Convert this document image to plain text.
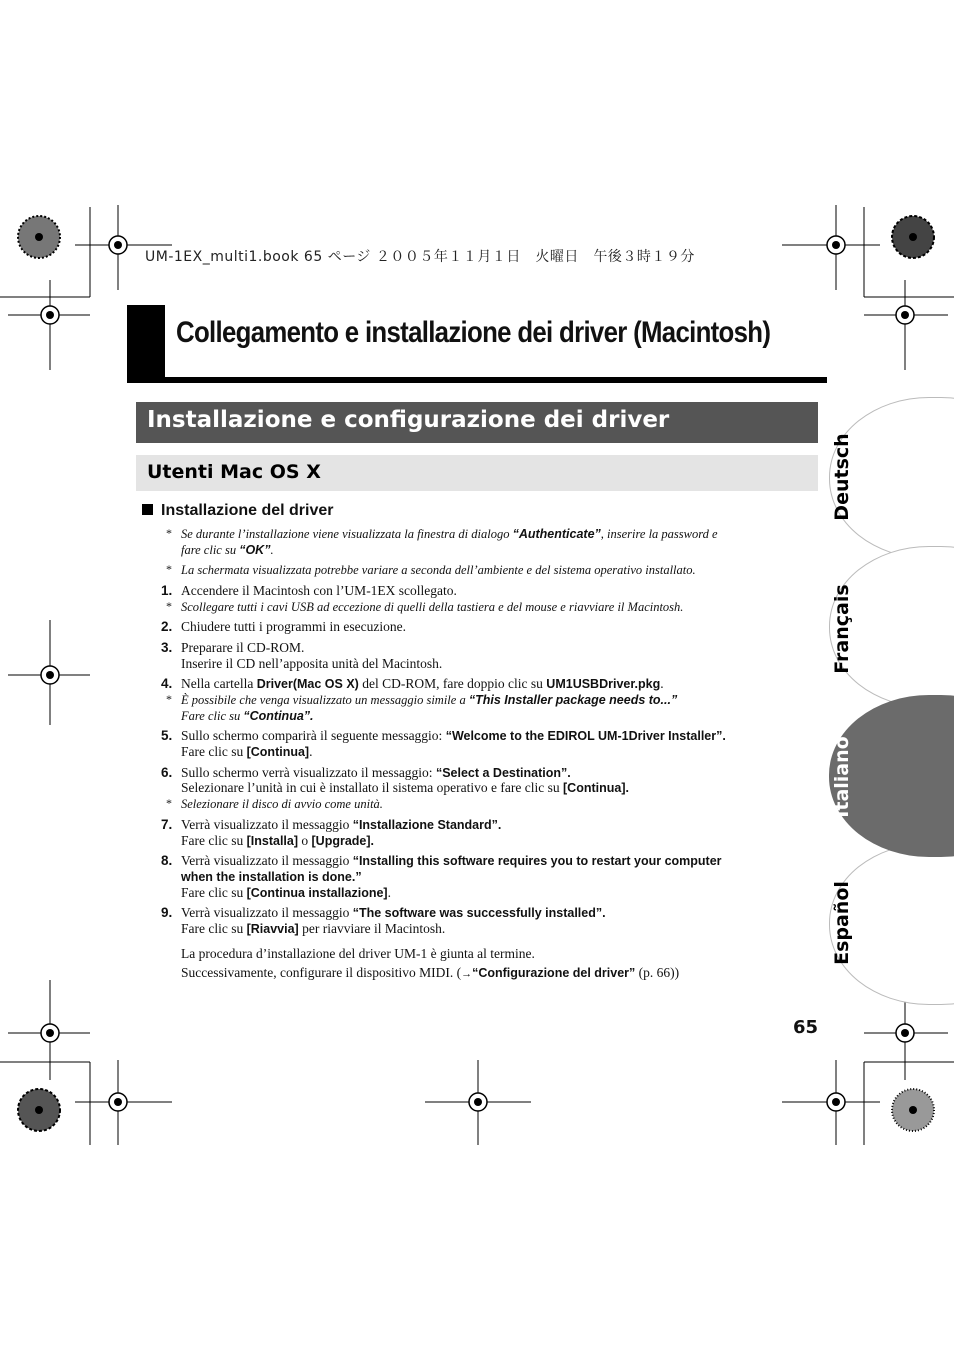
UM-1EX_multi1.book 65 ページ ２００５年１１月１日　火曜日　午後３時１９分
Collegamento e installazione dei driver (Macintosh)
Installazione e configurazione dei driver
Utenti Mac OS X
Installazione del driver
* Se durante l’installazione viene visualizzata la finestra di dialogo “Authenticate”, inserire la password e
fare clic su “OK”.
* La schermata visualizzata potrebbe variare a seconda dell’ambiente e del sistema operativo installato.
1. Accendere il Macintosh con l’UM-1EX scollegato.
* Scollegare tutti i cavi USB ad eccezione di quelli della tastiera e del mouse e riavviare il Macintosh.
2. Chiudere tutti i programmi in esecuzione.
3. Preparare il CD-ROM.
Inserire il CD nell’apposita unità del Macintosh.
4. Nella cartella Driver(Mac OS X) del CD-ROM, fare doppio clic su UM1USBDriver.pkg.
* È possibile che venga visualizzato un messaggio simile a “This Installer package needs to...”
Fare clic su “Continua”.
5. Sullo schermo comparirà il seguente messaggio: “Welcome to the EDIROL UM-1Driver Installer”.
Fare clic su [Continua].
6. Sullo schermo verrà visualizzato il messaggio: “Select a Destination”.
Selezionare l’unità in cui è installato il sistema operativo e fare clic su [Continua].
* Selezionare il disco di avvio come unità.
7. Verrà visualizzato il messaggio “Installazione Standard”.
Fare clic su [Installa] o [Upgrade].
8. Verrà visualizzato il messaggio “Installing this software requires you to restart your computer
when the installation is done.”
Fare clic su [Continua installazione].
9. Verrà visualizzato il messaggio “The software was successfully installed”.
Fare clic su [Riavvia] per riavviare il Macintosh.
La procedura d’installazione del driver UM-1 è giunta al termine.
Successivamente, configurare il dispositivo MIDI. (→“Configurazione del driver” (p. 66))
Deutsch
Français
Italiano
Español
65
